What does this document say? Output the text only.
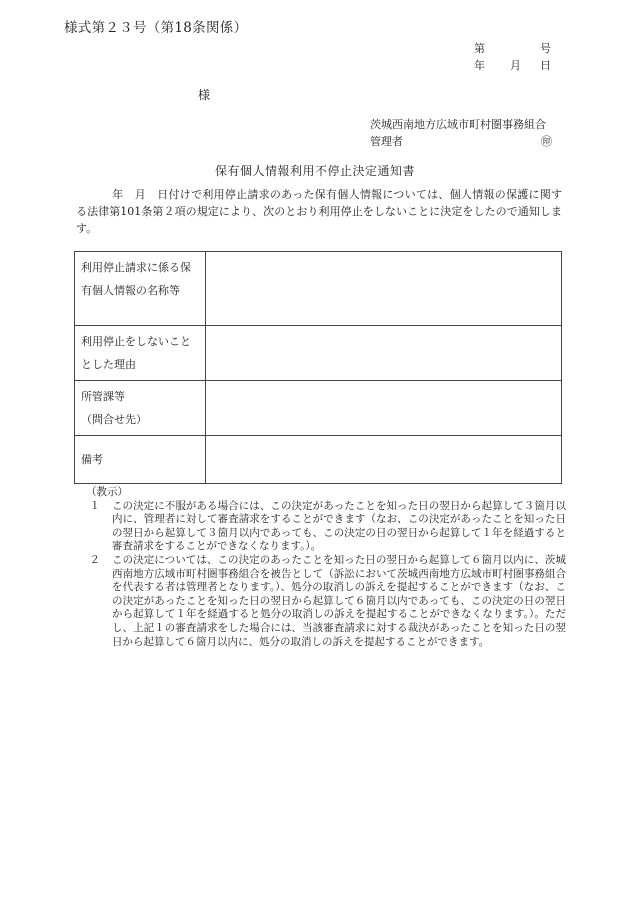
様式第２３号（第18条関係）
第	号
年	月	日
様
茨城西南地方広域市町村圏事務組合
管理者	㊞
保有個人情報利用不停止決定通知書
年　月　日付けで利用停止請求のあった保有個人情報については、個人情報の保護に関する法律第101条第２項の規定により、次のとおり利用停止をしないことに決定をしたので通知します。
利用停止請求に係る保有個人情報の名称等	
利用停止をしないこととした理由	
所管課等
（問合せ先）	
備考	
（教示）
１	この決定に不服がある場合には、この決定があったことを知った日の翌日から起算して３箇月以内に、管理者に対して審査請求をすることができます（なお、この決定があったことを知った日の翌日から起算して３箇月以内であっても、この決定の日の翌日から起算して１年を経過すると審査請求をすることができなくなります。）。
２	この決定については、この決定のあったことを知った日の翌日から起算して６箇月以内に、茨城西南地方広域市町村圏事務組合を被告として（訴訟において茨城西南地方広域市町村圏事務組合を代表する者は管理者となります。）、処分の取消しの訴えを提起することができます（なお、この決定があったことを知った日の翌日から起算して６箇月以内であっても、この決定の日の翌日から起算して１年を経過すると処分の取消しの訴えを提起することができなくなります。）。ただし、上記１の審査請求をした場合には、当該審査請求に対する裁決があったことを知った日の翌日から起算して６箇月以内に、処分の取消しの訴えを提起することができます。
